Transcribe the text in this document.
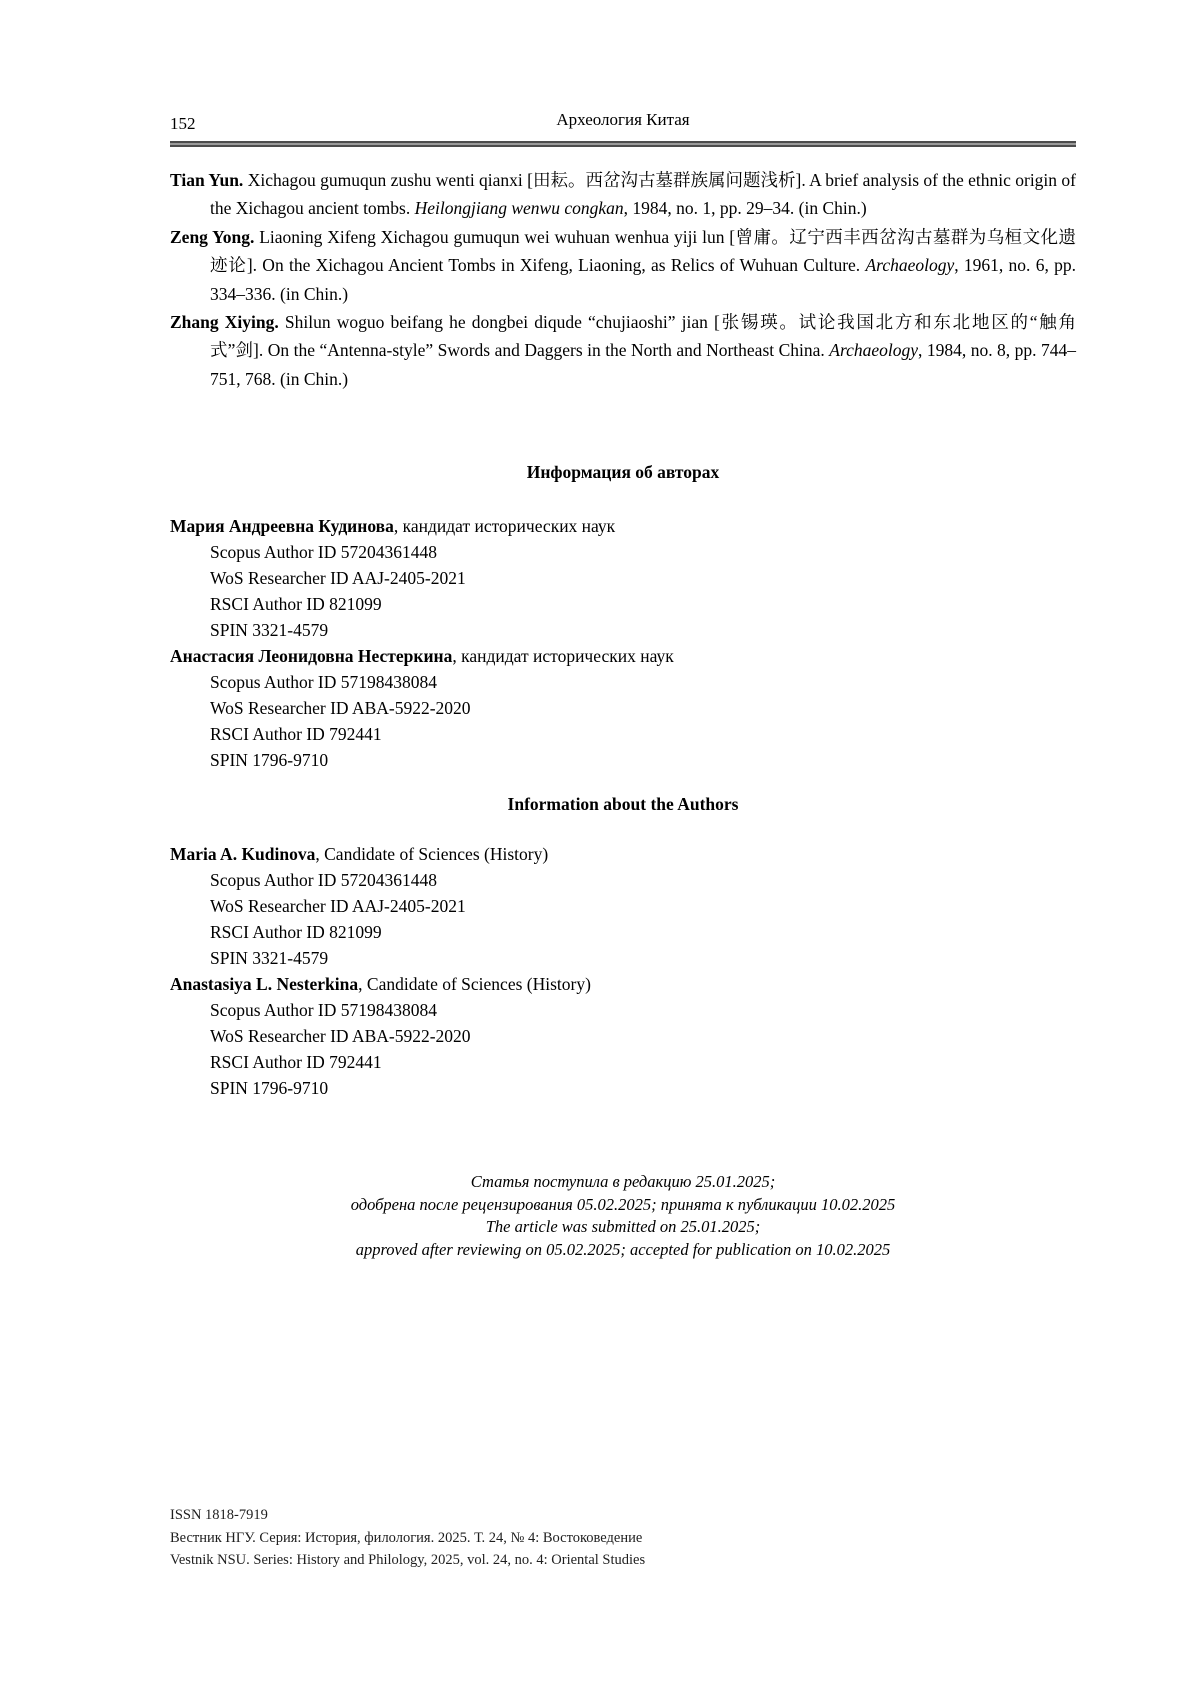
152	Археология Китая
Tian Yun. Xichagou gumuqun zushu wenti qianxi [田耘。西岔沟古墓群族属问题浅析]. A brief analysis of the ethnic origin of the Xichagou ancient tombs. Heilongjiang wenwu congkan, 1984, no. 1, pp. 29–34. (in Chin.)
Zeng Yong. Liaoning Xifeng Xichagou gumuqun wei wuhuan wenhua yiji lun [曾庸。辽宁西丰西岔沟古墓群为乌桓文化遗迹论]. On the Xichagou Ancient Tombs in Xifeng, Liaoning, as Relics of Wuhuan Culture. Archaeology, 1961, no. 6, pp. 334–336. (in Chin.)
Zhang Xiying. Shilun woguo beifang he dongbei diqude “chujiaoshi” jian [张锡瑛。试论我国北方和东北地区的“触角式”剑]. On the “Antenna-style” Swords and Daggers in the North and Northeast China. Archaeology, 1984, no. 8, pp. 744–751, 768. (in Chin.)
Информация об авторах
Мария Андреевна Кудинова, кандидат исторических наук
Scopus Author ID 57204361448
WoS Researcher ID AAJ-2405-2021
RSCI Author ID 821099
SPIN 3321-4579
Анастасия Леонидовна Нестеркина, кандидат исторических наук
Scopus Author ID 57198438084
WoS Researcher ID ABA-5922-2020
RSCI Author ID 792441
SPIN 1796-9710
Information about the Authors
Maria A. Kudinova, Candidate of Sciences (History)
Scopus Author ID 57204361448
WoS Researcher ID AAJ-2405-2021
RSCI Author ID 821099
SPIN 3321-4579
Anastasiya L. Nesterkina, Candidate of Sciences (History)
Scopus Author ID 57198438084
WoS Researcher ID ABA-5922-2020
RSCI Author ID 792441
SPIN 1796-9710
Статья поступила в редакцию 25.01.2025;
одобрена после рецензирования 05.02.2025; принята к публикации 10.02.2025
The article was submitted on 25.01.2025;
approved after reviewing on 05.02.2025; accepted for publication on 10.02.2025
ISSN 1818-7919
Вестник НГУ. Серия: История, филология. 2025. Т. 24, № 4: Востоковедение
Vestnik NSU. Series: History and Philology, 2025, vol. 24, no. 4: Oriental Studies
